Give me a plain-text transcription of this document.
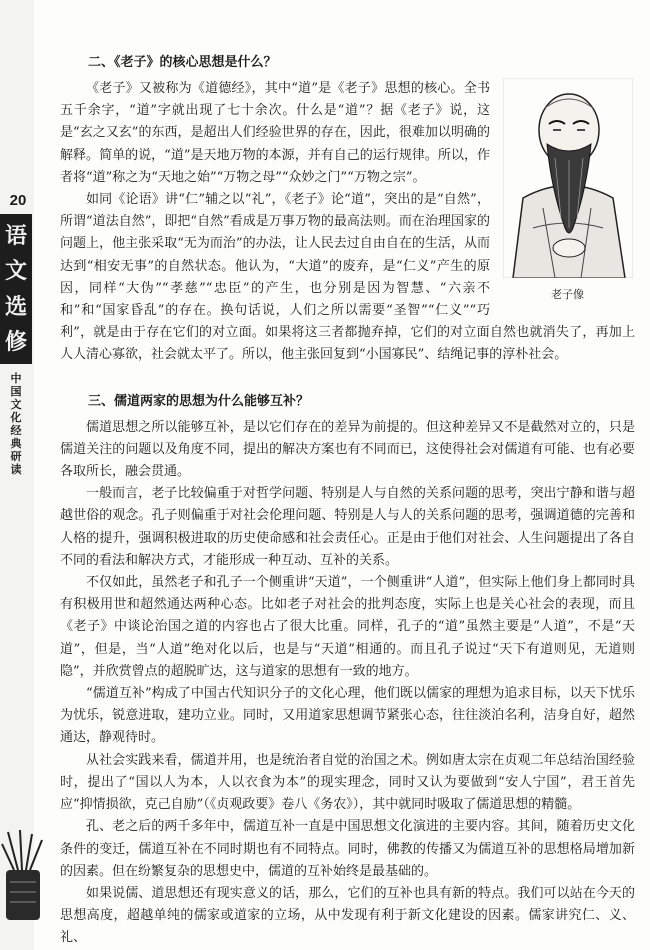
20
语
文
选
修
中
国
文
化
经
典
研
读
二、《老子》的核心思想是什么？
老子像

《老子》又被称为《道德经》，其中“道”是《老子》思想的核心。全书五千余字，“道”字就出现了七十余次。什么是“道”？据《老子》说，这是“玄之又玄”的东西，是超出人们经验世界的存在，因此，很难加以明确的解释。简单的说，“道”是天地万物的本源，并有自己的运行规律。所以，作者将“道”称之为“天地之始”“万物之母”“众妙之门”“万物之宗”。

如同《论语》讲“仁”辅之以“礼”，《老子》论“道”，突出的是“自然”，所谓“道法自然”，即把“自然”看成是万事万物的最高法则。而在治理国家的问题上，他主张采取“无为而治”的办法，让人民去过自由自在的生活，从而达到“相安无事”的自然状态。他认为，“大道”的废弃，是“仁义”产生的原因，同样“大伪”“孝慈”“忠臣”的产生，也分别是因为智慧、“六亲不和”和“国家昏乱”的存在。换句话说，人们之所以需要“圣智”“仁义”“巧利”，就是由于存在它们的对立面。如果将这三者都抛弃掉，它们的对立面自然也就消失了，再加上人人清心寡欲，社会就太平了。所以，他主张回复到“小国寡民”、结绳记事的淳朴社会。

三、儒道两家的思想为什么能够互补？

儒道思想之所以能够互补，是以它们存在的差异为前提的。但这种差异又不是截然对立的，只是儒道关注的问题以及角度不同，提出的解决方案也有不同而已，这使得社会对儒道有可能、也有必要各取所长，融会贯通。

一般而言，老子比较偏重于对哲学问题、特别是人与自然的关系问题的思考，突出宁静和谐与超越世俗的观念。孔子则偏重于对社会伦理问题、特别是人与人的关系问题的思考，强调道德的完善和人格的提升，强调积极进取的历史使命感和社会责任心。正是由于他们对社会、人生问题提出了各自不同的看法和解决方式，才能形成一种互动、互补的关系。

不仅如此，虽然老子和孔子一个侧重讲“天道”，一个侧重讲“人道”，但实际上他们身上都同时具有积极用世和超然通达两种心态。比如老子对社会的批判态度，实际上也是关心社会的表现，而且《老子》中谈论治国之道的内容也占了很大比重。同样，孔子的“道”虽然主要是“人道”，不是“天道”，但是，当“人道”绝对化以后，也是与“天道”相通的。而且孔子说过“天下有道则见，无道则隐”，并欣赏曾点的超脱旷达，这与道家的思想有一致的地方。

“儒道互补”构成了中国古代知识分子的文化心理，他们既以儒家的理想为追求目标，以天下忧乐为忧乐，锐意进取，建功立业。同时，又用道家思想调节紧张心态，往往淡泊名利，洁身自好，超然通达，静观待时。

从社会实践来看，儒道并用，也是统治者自觉的治国之术。例如唐太宗在贞观二年总结治国经验时，提出了“国以人为本，人以衣食为本”的现实理念，同时又认为要做到“安人宁国”，君王首先应“抑情损欲，克己自励”（《贞观政要》卷八《务农》），其中就同时吸取了儒道思想的精髓。

孔、老之后的两千多年中，儒道互补一直是中国思想文化演进的主要内容。其间，随着历史文化条件的变迁，儒道互补在不同时期也有不同特点。同时，佛教的传播又为儒道互补的思想格局增加新的因素。但在纷繁复杂的思想史中，儒道的互补始终是最基础的。

如果说儒、道思想还有现实意义的话，那么，它们的互补也具有新的特点。我们可以站在今天的思想高度，超越单纯的儒家或道家的立场，从中发现有利于新文化建设的因素。儒家讲究仁、义、礼、
